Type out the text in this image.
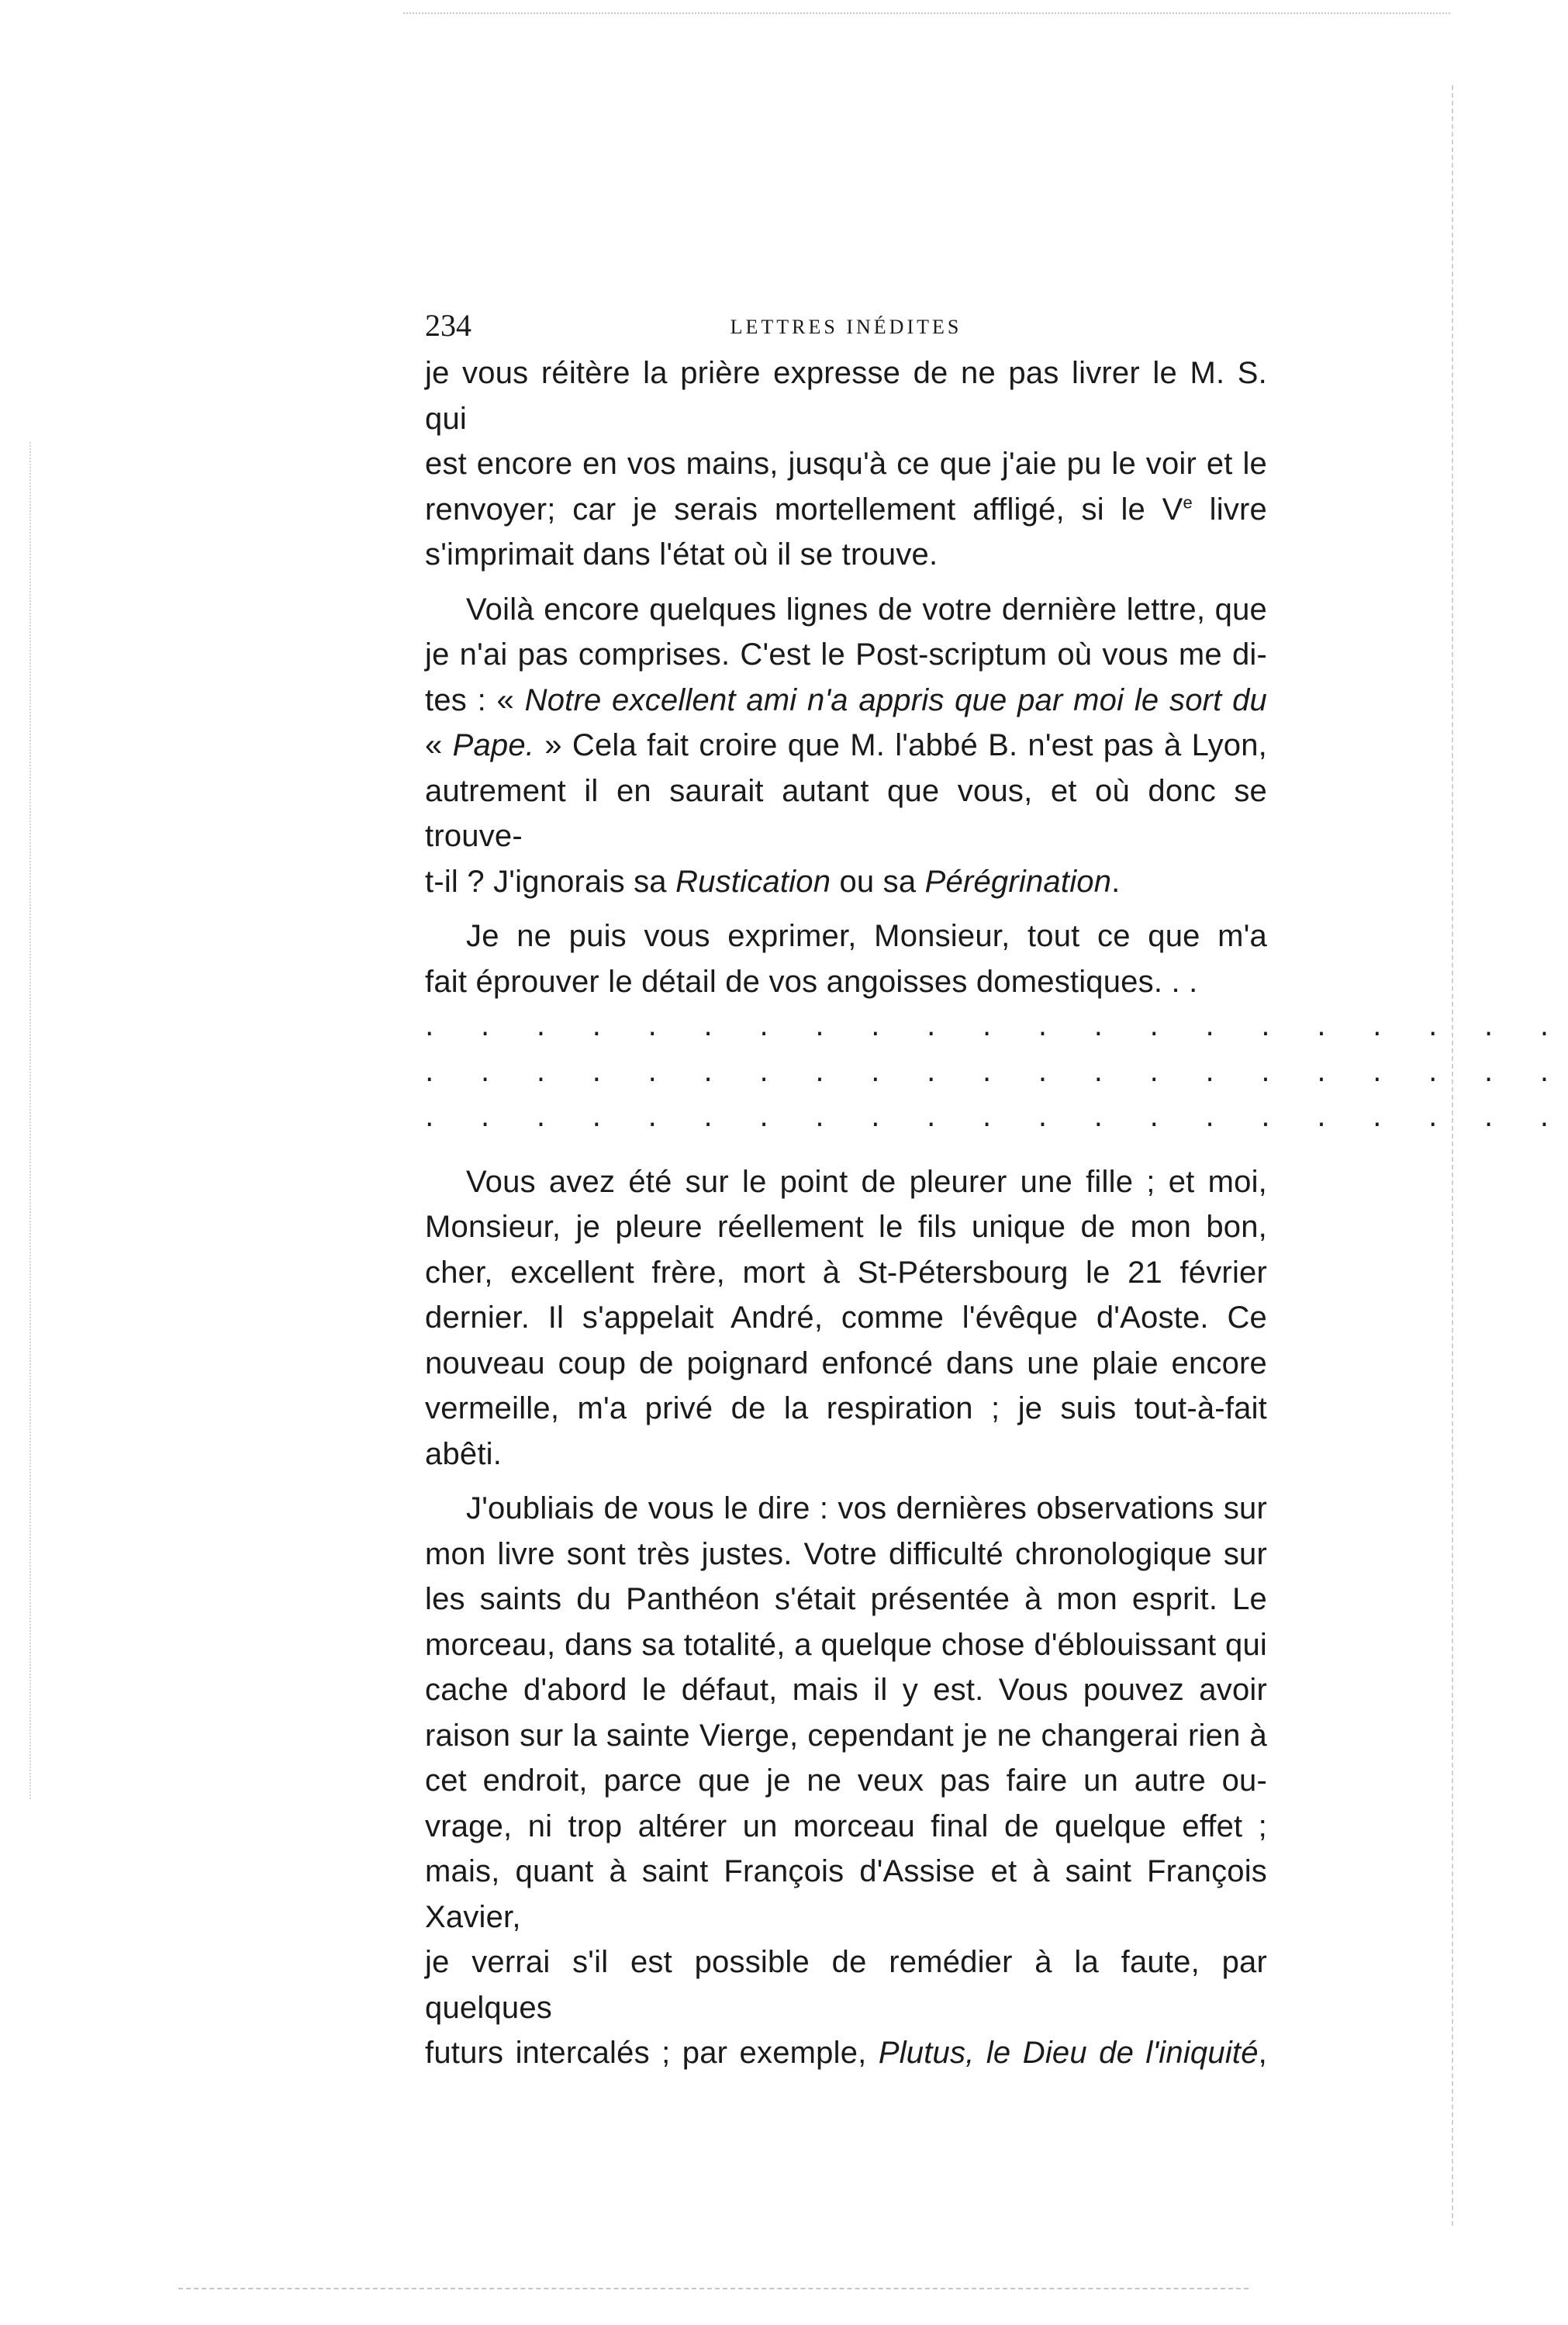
234	LETTRES INÉDITES

je vous réitère la prière expresse de ne pas livrer le M. S. qui
est encore en vos mains, jusqu'à ce que j'aie pu le voir et le
renvoyer; car je serais mortellement affligé, si le Ve livre
s'imprimait dans l'état où il se trouve.

Voilà encore quelques lignes de votre dernière lettre, que
je n'ai pas comprises. C'est le Post-scriptum où vous me di-
tes : « Notre excellent ami n'a appris que par moi le sort du
« Pape. » Cela fait croire que M. l'abbé B. n'est pas à Lyon,
autrement il en saurait autant que vous, et où donc se trouve-
t-il ? J'ignorais sa Rustication ou sa Pérégrination.

Je ne puis vous exprimer, Monsieur, tout ce que m'a
fait éprouver le détail de vos angoisses domestiques. . .

. . . . . . . . . . . . . . . . . . . . .
. . . . . . . . . . . . . . . . . . . . .
. . . . . . . . . . . . . . . . . . . . .

Vous avez été sur le point de pleurer une fille ; et moi,
Monsieur, je pleure réellement le fils unique de mon bon,
cher, excellent frère, mort à St-Pétersbourg le 21 février
dernier. Il s'appelait André, comme l'évêque d'Aoste. Ce
nouveau coup de poignard enfoncé dans une plaie encore
vermeille, m'a privé de la respiration ; je suis tout-à-fait
abêti.

J'oubliais de vous le dire : vos dernières observations sur
mon livre sont très justes. Votre difficulté chronologique sur
les saints du Panthéon s'était présentée à mon esprit. Le
morceau, dans sa totalité, a quelque chose d'éblouissant qui
cache d'abord le défaut, mais il y est. Vous pouvez avoir
raison sur la sainte Vierge, cependant je ne changerai rien à
cet endroit, parce que je ne veux pas faire un autre ou-
vrage, ni trop altérer un morceau final de quelque effet ;
mais, quant à saint François d'Assise et à saint François Xavier,
je verrai s'il est possible de remédier à la faute, par quelques
futurs intercalés ; par exemple, Plutus, le Dieu de l'iniquité,
